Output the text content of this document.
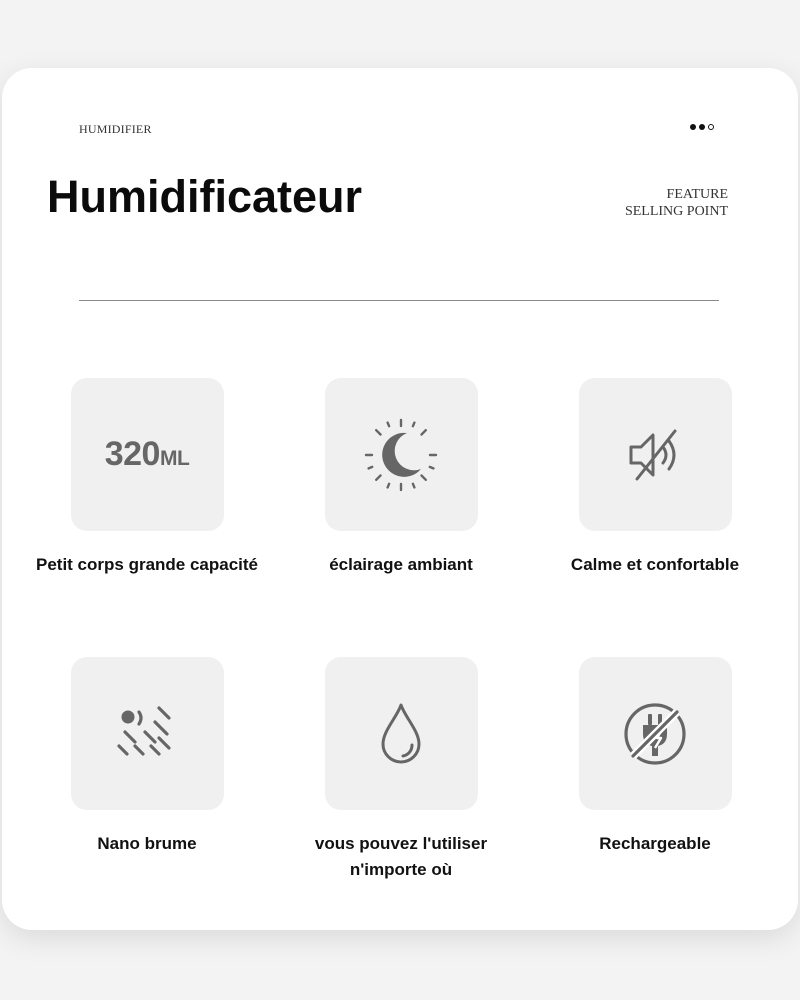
HUMIDIFIER
Humidificateur	FEATURE
SELLING POINT
320ML
Petit corps grande capacité	éclairage ambiant	Calme et confortable
Nano brume	vous pouvez l'utiliser n'importe où
Rechargeable
